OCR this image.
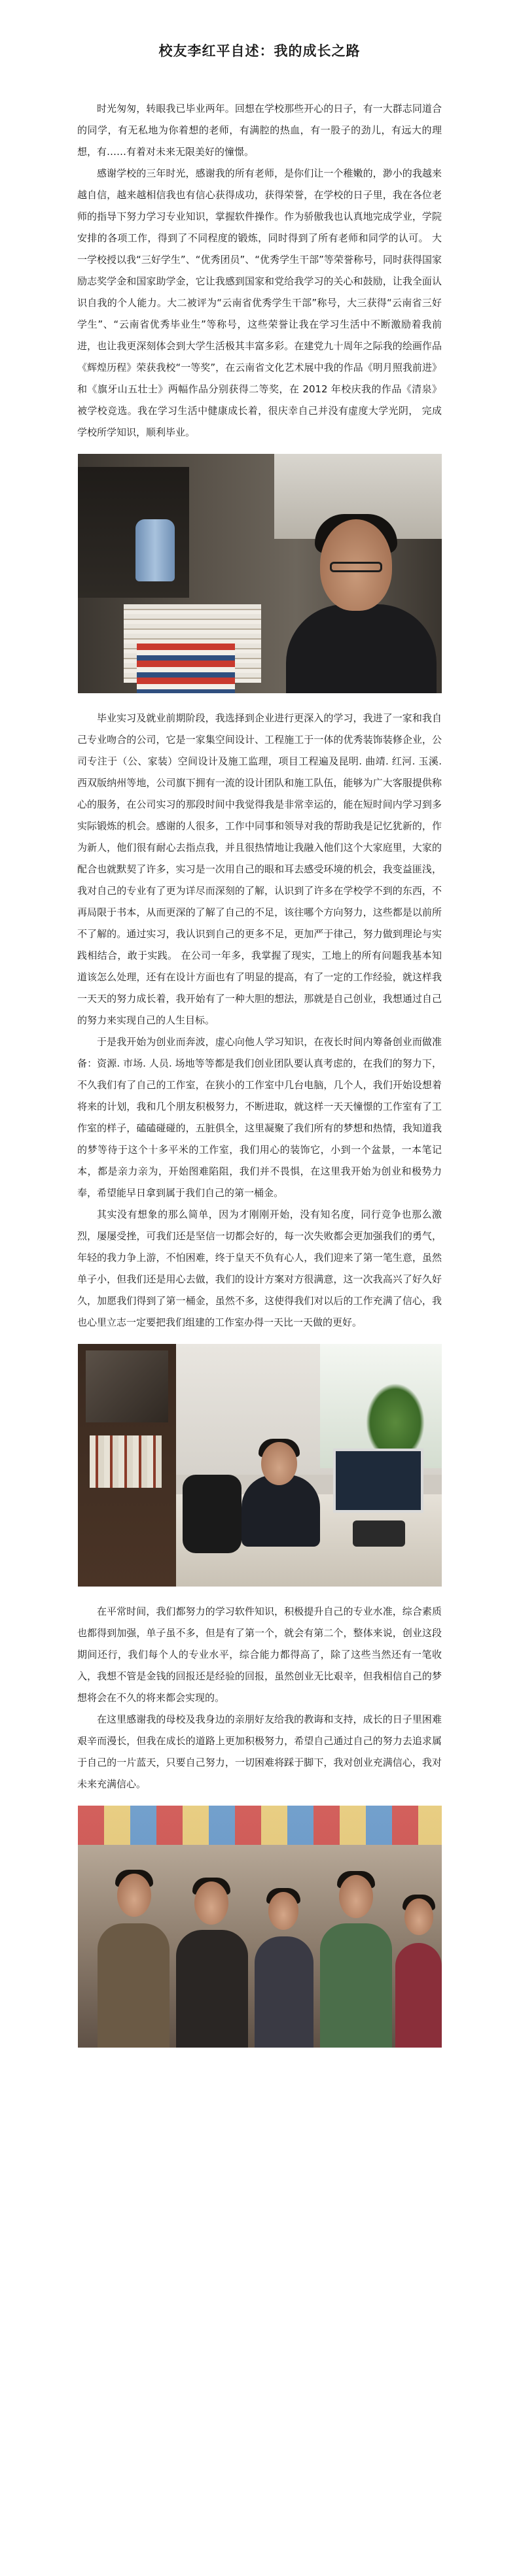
校友李红平自述：我的成长之路

时光匆匆，转眼我已毕业两年。回想在学校那些开心的日子，有一大群志同道合的同学，有无私地为你着想的老师，有满腔的热血，有一股子的劲儿，有远大的理想，有……有着对未来无限美好的憧憬。

感谢学校的三年时光，感谢我的所有老师，是你们让一个稚嫩的，渺小的我越来越自信，越来越相信我也有信心获得成功，获得荣誉，在学校的日子里，我在各位老师的指导下努力学习专业知识，掌握软件操作。作为骄傲我也认真地完成学业，学院安排的各项工作，得到了不同程度的锻炼，同时得到了所有老师和同学的认可。 大一学校授以我“三好学生”、“优秀团员”、“优秀学生干部”等荣誉称号，同时获得国家励志奖学金和国家助学金，它让我感到国家和党给我学习的关心和鼓励，让我全面认识自我的个人能力。大二被评为“云南省优秀学生干部”称号，大三获得“云南省三好学生”、“云南省优秀毕业生”等称号，这些荣誉让我在学习生活中不断激励着我前进，也让我更深刻体会到大学生活极其丰富多彩。在建党九十周年之际我的绘画作品《辉煌历程》荣获我校“一等奖”，在云南省文化艺术展中我的作品《明月照我前进》和《旗牙山五壮士》两幅作品分别获得二等奖，在 2012 年校庆我的作品《清泉》被学校竞选。我在学习生活中健康成长着，很庆幸自己并没有虚度大学光阴， 完成学校所学知识，顺利毕业。

毕业实习及就业前期阶段，我选择到企业进行更深入的学习，我进了一家和我自己专业吻合的公司，它是一家集空间设计、工程施工于一体的优秀装饰装修企业，公司专注于（公、家装）空间设计及施工监理，项目工程遍及昆明. 曲靖. 红河. 玉溪. 西双版纳州等地，公司旗下拥有一流的设计团队和施工队伍，能够为广大客服提供称心的服务，在公司实习的那段时间中我觉得我是非常幸运的，能在短时间内学习到多实际锻炼的机会。感谢的人很多，工作中同事和领导对我的帮助我是记忆犹新的，作为新人，他们很有耐心去指点我，并且很热情地让我融入他们这个大家庭里，大家的配合也就默契了许多，实习是一次用自己的眼和耳去感受环境的机会，我变益匪浅，我对自己的专业有了更为详尽而深刻的了解，认识到了许多在学校学不到的东西，不再局限于书本，从而更深的了解了自己的不足，该往哪个方向努力，这些都是以前所不了解的。通过实习，我认识到自己的更多不足，更加严于律己，努力做到理论与实践相结合，敢于实践。 在公司一年多，我掌握了现实，工地上的所有问题我基本知道该怎么处理，还有在设计方面也有了明显的提高，有了一定的工作经验，就这样我一天天的努力成长着，我开始有了一种大胆的想法，那就是自己创业，我想通过自己的努力来实现自己的人生目标。

于是我开始为创业而奔波，虚心向他人学习知识，在夜长时间内筹备创业而做准备：资源. 市场. 人员. 场地等等都是我们创业团队要认真考虑的，在我们的努力下，不久我们有了自己的工作室，在狭小的工作室中几台电脑，几个人，我们开始设想着将来的计划，我和几个朋友积极努力，不断进取，就这样一天天憧憬的工作室有了工作室的样子，磕磕碰碰的，五脏俱全，这里凝聚了我们所有的梦想和热情，我知道我的梦等待于这个十多平米的工作室，我们用心的装饰它，小到一个盆景，一本笔记本，都是亲力亲为，开始图难陷阻，我们并不畏惧，在这里我开始为创业和极势力奉，希望能早日拿到属于我们自己的第一桶金。

其实没有想象的那么简单，因为才刚刚开始，没有知名度，同行竞争也那么激烈，屡屡受挫，可我们还是坚信一切都会好的，每一次失败都会更加强我们的勇气，年轻的我力争上游，不怕困难，终于皇天不负有心人，我们迎来了第一笔生意，虽然单子小，但我们还是用心去做，我们的设计方案对方很满意，这一次我高兴了好久好久，加愿我们得到了第一桶金，虽然不多，这使得我们对以后的工作充满了信心，我也心里立志一定要把我们组建的工作室办得一天比一天做的更好。

在平常时间，我们都努力的学习软件知识，积极提升自己的专业水准，综合素质也都得到加强，单子虽不多，但是有了第一个，就会有第二个，整体来说，创业这段期间还行，我们每个人的专业水平，综合能力都得高了，除了这些当然还有一笔收入，我想不管是金钱的回报还是经验的回报，虽然创业无比艰辛，但我相信自己的梦想将会在不久的将来都会实现的。

在这里感谢我的母校及我身边的亲朋好友给我的教诲和支持，成长的日子里困难艰辛而漫长，但我在成长的道路上更加积极努力，希望自己通过自己的努力去追求属于自己的一片蓝天，只要自己努力，一切困难将踩于脚下，我对创业充满信心，我对未来充满信心。
